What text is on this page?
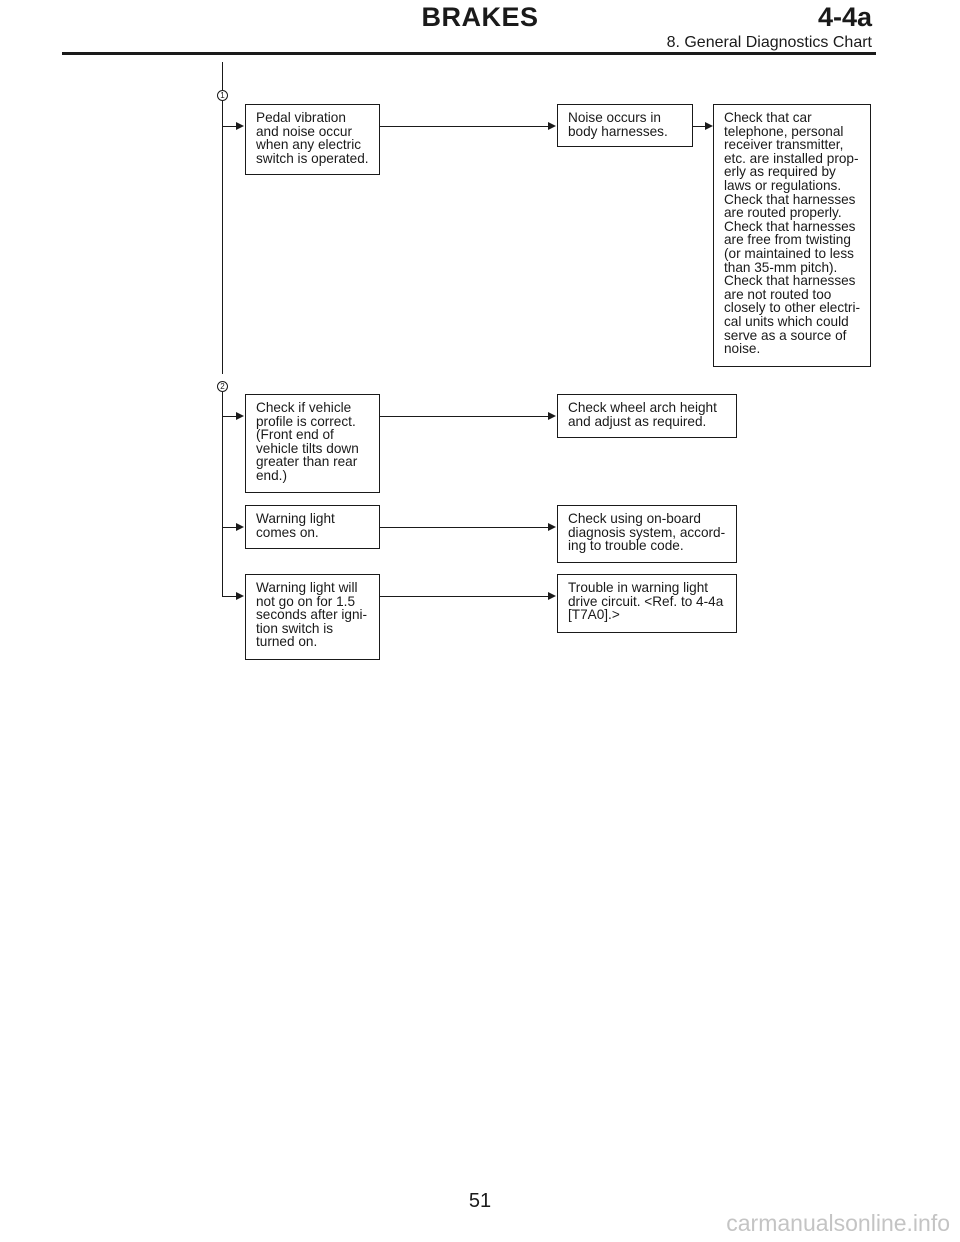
BRAKES	4-4a
8. General Diagnostics Chart
1
2
Pedal vibration
and noise occur
when any electric
switch is operated.
Noise occurs in
body harnesses.
Check that car
telephone, personal
receiver transmitter,
etc. are installed prop-
erly as required by
laws or regulations.
Check that harnesses
are routed properly.
Check that harnesses
are free from twisting
(or maintained to less
than 35-mm pitch).
Check that harnesses
are not routed too
closely to other electri-
cal units which could
serve as a source of
noise.
Check if vehicle
profile is correct.
(Front end of
vehicle tilts down
greater than rear
end.)
Check wheel arch height
and adjust as required.
Warning light
comes on.
Check using on-board
diagnosis system, accord-
ing to trouble code.
Warning light will
not go on for 1.5
seconds after igni-
tion switch is
turned on.
Trouble in warning light
drive circuit. <Ref. to 4-4a
[T7A0].>
51
carmanualsonline.info
